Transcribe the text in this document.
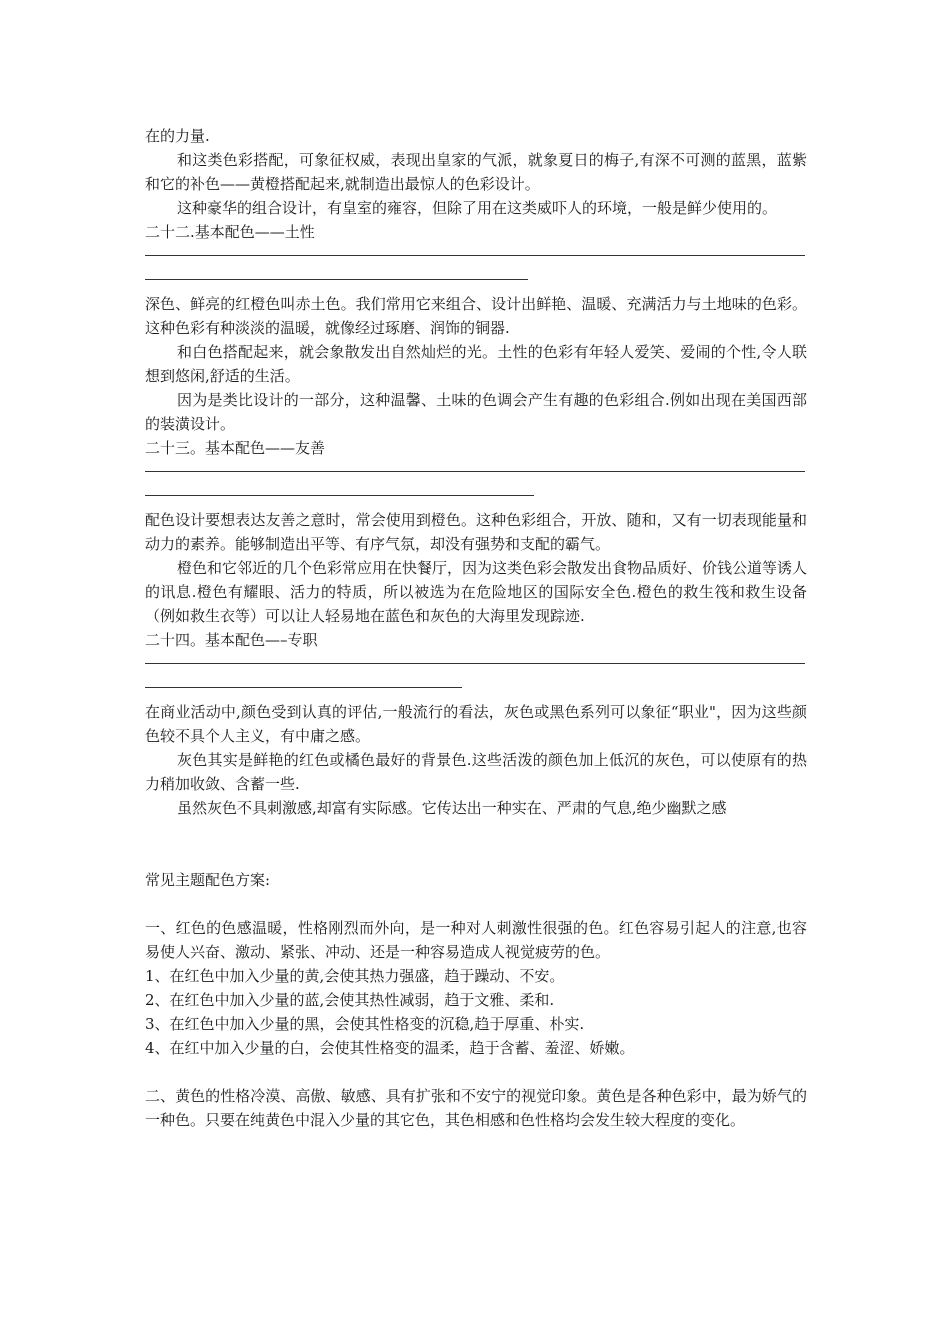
在的力量.
和这类色彩搭配，可象征权威，表现出皇家的气派，就象夏日的梅子,有深不可测的蓝黑，蓝紫和它的补色——黄橙搭配起来,就制造出最惊人的色彩设计。
这种豪华的组合设计，有皇室的雍容，但除了用在这类威吓人的环境，一般是鲜少使用的。
二十二.基本配色——土性
深色、鲜亮的红橙色叫赤土色。我们常用它来组合、设计出鲜艳、温暖、充满活力与土地味的色彩。这种色彩有种淡淡的温暖，就像经过琢磨、润饰的铜器.
和白色搭配起来，就会象散发出自然灿烂的光。土性的色彩有年轻人爱笑、爱闹的个性,令人联想到悠闲,舒适的生活。
因为是类比设计的一部分，这种温馨、土味的色调会产生有趣的色彩组合.例如出现在美国西部的装潢设计。
二十三。基本配色——友善
配色设计要想表达友善之意时，常会使用到橙色。这种色彩组合，开放、随和，又有一切表现能量和动力的素养。能够制造出平等、有序气氛，却没有强势和支配的霸气。
橙色和它邻近的几个色彩常应用在快餐厅，因为这类色彩会散发出食物品质好、价钱公道等诱人的讯息.橙色有耀眼、活力的特质，所以被选为在危险地区的国际安全色.橙色的救生筏和救生设备（例如救生衣等）可以让人轻易地在蓝色和灰色的大海里发现踪迹.
二十四。基本配色—–专职
在商业活动中,颜色受到认真的评估,一般流行的看法，灰色或黑色系列可以象征“职业"，因为这些颜色较不具个人主义，有中庸之感。
灰色其实是鲜艳的红色或橘色最好的背景色.这些活泼的颜色加上低沉的灰色，可以使原有的热力稍加收敛、含蓄一些.
虽然灰色不具刺激感,却富有实际感。它传达出一种实在、严肃的气息,绝少幽默之感
常见主题配色方案:
一、红色的色感温暖，性格刚烈而外向，是一种对人刺激性很强的色。红色容易引起人的注意,也容易使人兴奋、激动、紧张、冲动、还是一种容易造成人视觉疲劳的色。
1、在红色中加入少量的黄,会使其热力强盛，趋于躁动、不安。
2、在红色中加入少量的蓝,会使其热性减弱，趋于文雅、柔和.
3、在红色中加入少量的黑，会使其性格变的沉稳,趋于厚重、朴实.
4、在红中加入少量的白，会使其性格变的温柔，趋于含蓄、羞涩、娇嫩。
二、黄色的性格冷漠、高傲、敏感、具有扩张和不安宁的视觉印象。黄色是各种色彩中，最为娇气的一种色。只要在纯黄色中混入少量的其它色，其色相感和色性格均会发生较大程度的变化。
